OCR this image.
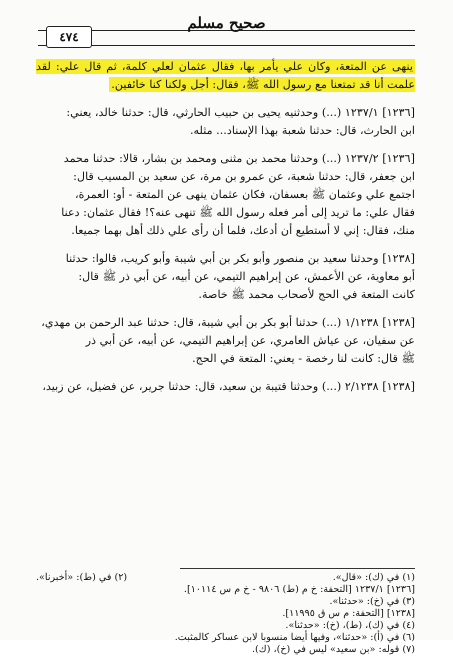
صحيح مسلم
٤٧٤

ينهى عن المتعة، وكان علي يأمر بها، فقال عثمان لعلي كلمة، ثم قال علي: لقد علمت أنا قد تمتعنا مع رسول الله ﷺ، فقال: أجل ولكنا كنا خائفين.

[١٢٣٦] ١٢٣٧/١ (...) وحدثنيه يحيى بن حبيب الحارثي، قال: حدثنا خالد، يعني:

ابن الحارث، قال: حدثنا شعبة بهذا الإسناد... مثله.

[١٢٣٦] ١٢٣٧/٢ (...) وحدثنا محمد بن مثنى ومحمد بن بشار، قالا: حدثنا محمد

ابن جعفر، قال: حدثنا شعبة، عن عمرو بن مرة، عن سعيد بن المسيب قال:

اجتمع علي وعثمان ﷺ بعسفان، فكان عثمان ينهى عن المتعة - أو: العمرة،

فقال علي: ما تريد إلى أمر فعله رسول الله ﷺ تنهى عنه؟! فقال عثمان: دعنا

منك، فقال: إني لا أستطيع أن أدعك، فلما أن رأى علي ذلك أهل بهما جميعا.

[١٢٣٨] وحدثنا سعيد بن منصور وأبو بكر بن أبي شيبة وأبو كريب، قالوا: حدثنا

أبو معاوية، عن الأعمش، عن إبراهيم التيمي، عن أبيه، عن أبي ذر ﷺ قال:

كانت المتعة في الحج لأصحاب محمد ﷺ خاصة.

[١٢٣٨] ١/١٢٣٨ (...) حدثنا أبو بكر بن أبي شيبة، قال: حدثنا عبد الرحمن بن مهدي،

عن سفيان، عن عياش العامري، عن إبراهيم التيمي، عن أبيه، عن أبي ذر

ﷺ قال: كانت لنا رخصة - يعني: المتعة في الحج.

[١٢٣٨] ٢/١٢٣٨ (...) وحدثنا قتيبة بن سعيد، قال: حدثنا جرير، عن فضيل، عن زبيد،

(١) في (ك): «قال».
(٢) في (ط): «أخبرنا».
[١٢٣٦] ١٢٣٧/١ [التحفة: خ م (ط) ٩٨٠٦ - خ م س ١٠١١٤].
(٣) في (خ): «حدثنا».
[١٢٣٨] [التحفة: م س ق ١١٩٩٥].
(٤) في (ك)، (ط)، (خ): «حدثنا».
(٦) في (أ): «حدثنا»، وفيها أيضا منسوبا لابن عساكر كالمثبت.
(٧) قوله: «بن سعيد» ليس في (خ)، (ك).
